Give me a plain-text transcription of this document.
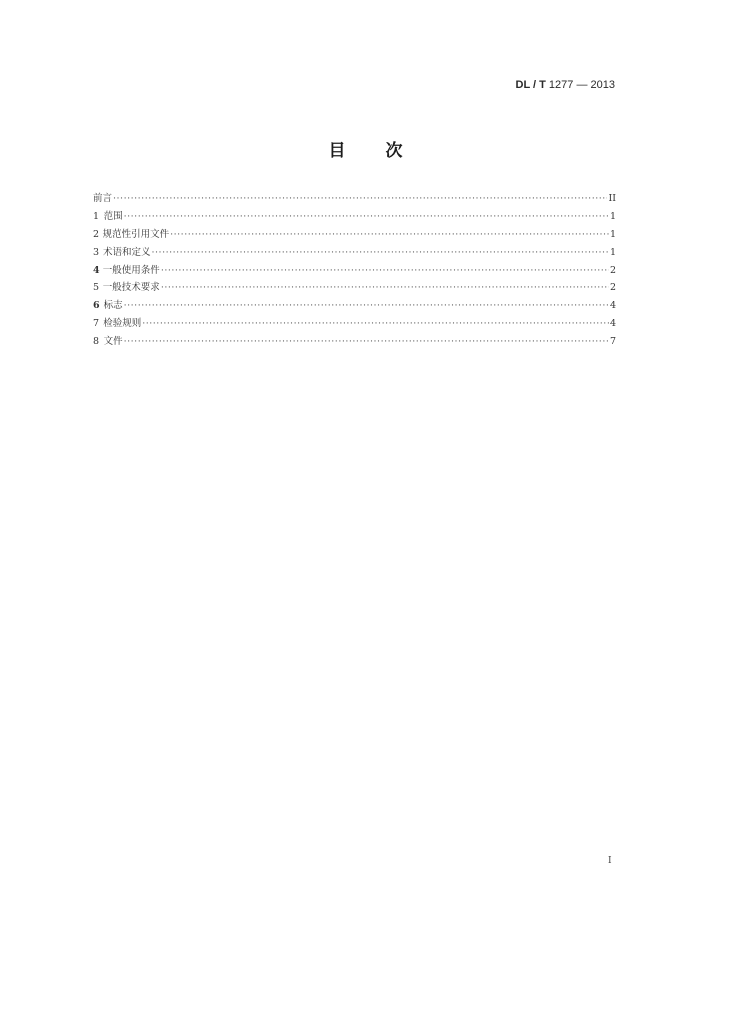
DL / T 1277 — 2013
目 次
前言 ·····	II
1 范围 ·····	1
2 规范性引用文件 ·····	1
3 术语和定义 ·····	1
4 一般使用条件 ·····	2
5 一般技术要求 ·····	2
6 标志 ·····	4
7 检验规则 ·····	4
8 文件 ·····	7
I
